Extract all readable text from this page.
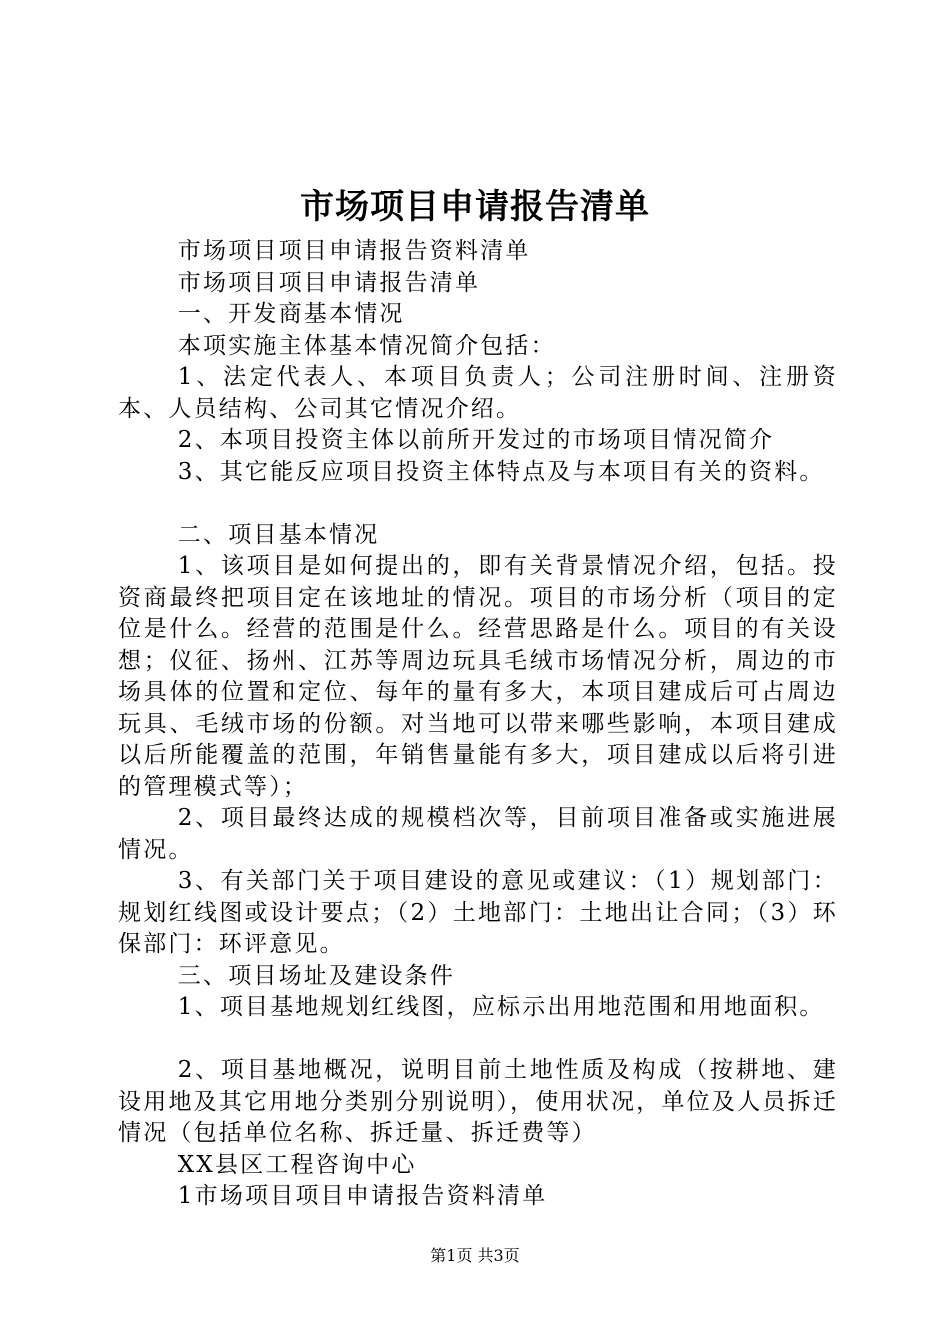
市场项目申请报告清单

市场项目项目申请报告资料清单

市场项目项目申请报告清单

一、开发商基本情况

本项实施主体基本情况简介包括：

1、法定代表人、本项目负责人；公司注册时间、注册资本、人员结构、公司其它情况介绍。

2、本项目投资主体以前所开发过的市场项目情况简介

3、其它能反应项目投资主体特点及与本项目有关的资料。

二、项目基本情况

1、该项目是如何提出的，即有关背景情况介绍，包括。投资商最终把项目定在该地址的情况。项目的市场分析（项目的定位是什么。经营的范围是什么。经营思路是什么。项目的有关设想；仪征、扬州、江苏等周边玩具毛绒市场情况分析，周边的市场具体的位置和定位、每年的量有多大，本项目建成后可占周边玩具、毛绒市场的份额。对当地可以带来哪些影响，本项目建成以后所能覆盖的范围，年销售量能有多大，项目建成以后将引进的管理模式等）；

2、项目最终达成的规模档次等，目前项目准备或实施进展情况。

3、有关部门关于项目建设的意见或建议：（1）规划部门：规划红线图或设计要点；（2）土地部门：土地出让合同；（3）环保部门：环评意见。

三、项目场址及建设条件

1、项目基地规划红线图，应标示出用地范围和用地面积。

2、项目基地概况，说明目前土地性质及构成（按耕地、建设用地及其它用地分类别分别说明），使用状况，单位及人员拆迁情况（包括单位名称、拆迁量、拆迁费等）

XX县区工程咨询中心

1市场项目项目申请报告资料清单

第1页 共3页
